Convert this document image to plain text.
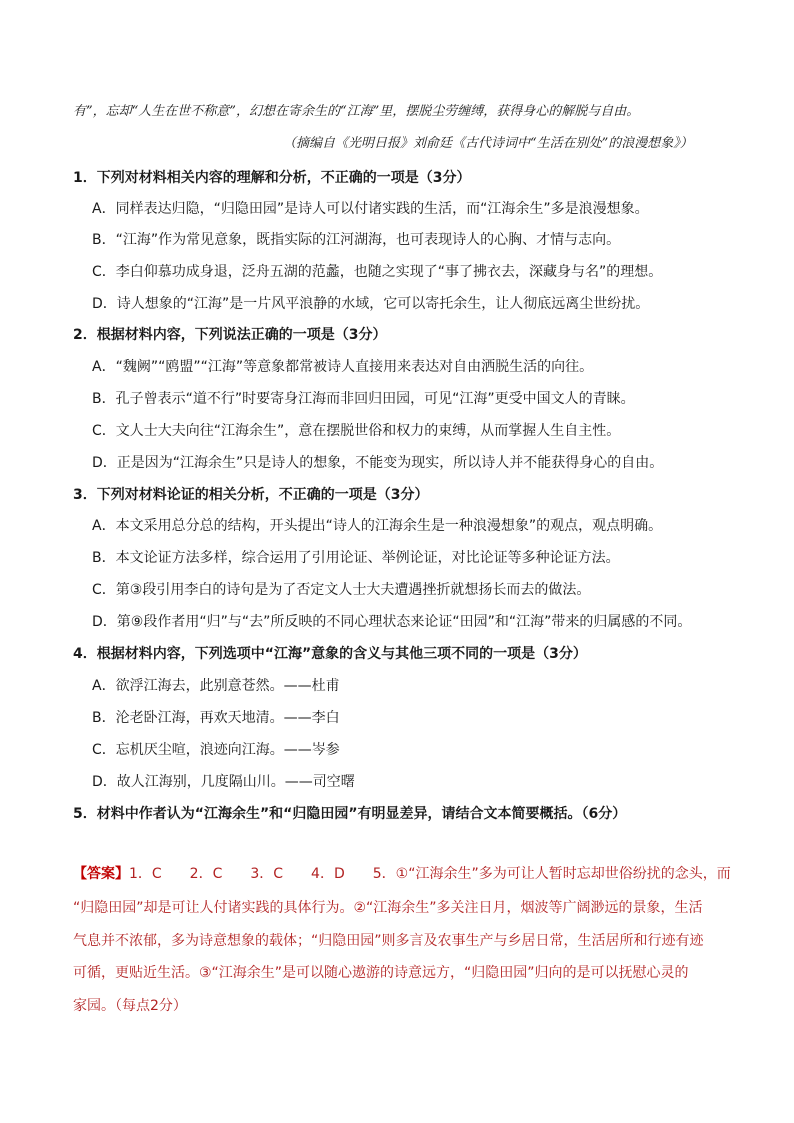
有”，忘却“人生在世不称意”，幻想在寄余生的“江海”里，摆脱尘劳缠缚，获得身心的解脱与自由。
（摘编自《光明日报》刘俞廷《古代诗词中“生活在别处”的浪漫想象》）
1．下列对材料相关内容的理解和分析，不正确的一项是（3分）
A．同样表达归隐，“归隐田园”是诗人可以付诸实践的生活，而“江海余生”多是浪漫想象。
B．“江海”作为常见意象，既指实际的江河湖海，也可表现诗人的心胸、才情与志向。
C．李白仰慕功成身退，泛舟五湖的范蠡，也随之实现了“事了拂衣去，深藏身与名”的理想。
D．诗人想象的“江海”是一片风平浪静的水域，它可以寄托余生，让人彻底远离尘世纷扰。
2．根据材料内容，下列说法正确的一项是（3分）
A．“魏阙”“鸥盟”“江海”等意象都常被诗人直接用来表达对自由洒脱生活的向往。
B．孔子曾表示“道不行”时要寄身江海而非回归田园，可见“江海”更受中国文人的青睐。
C．文人士大夫向往“江海余生”，意在摆脱世俗和权力的束缚，从而掌握人生自主性。
D．正是因为“江海余生”只是诗人的想象，不能变为现实，所以诗人并不能获得身心的自由。
3．下列对材料论证的相关分析，不正确的一项是（3分）
A．本文采用总分总的结构，开头提出“诗人的江海余生是一种浪漫想象”的观点，观点明确。
B．本文论证方法多样，综合运用了引用论证、举例论证，对比论证等多种论证方法。
C．第③段引用李白的诗句是为了否定文人士大夫遭遇挫折就想扬长而去的做法。
D．第⑨段作者用“归”与“去”所反映的不同心理状态来论证“田园”和“江海”带来的归属感的不同。
4．根据材料内容，下列选项中“江海”意象的含义与其他三项不同的一项是（3分）
A．欲浮江海去，此别意苍然。——杜甫
B．沦老卧江海，再欢天地清。——李白
C．忘机厌尘喧，浪迹向江海。——岑参
D．故人江海别，几度隔山川。——司空曙
5．材料中作者认为“江海余生”和“归隐田园”有明显差异，请结合文本简要概括。（6分）
【答案】1．C　　2．C　　3．C　　4．D　　5．①“江海余生”多为可让人暂时忘却世俗纷扰的念头，而
“归隐田园”却是可让人付诸实践的具体行为。②“江海余生”多关注日月，烟波等广阔渺远的景象，生活
气息并不浓郁，多为诗意想象的载体；“归隐田园”则多言及农事生产与乡居日常，生活居所和行迹有迹
可循，更贴近生活。③“江海余生”是可以随心遨游的诗意远方，“归隐田园”归向的是可以抚慰心灵的
家园。（每点2分）
